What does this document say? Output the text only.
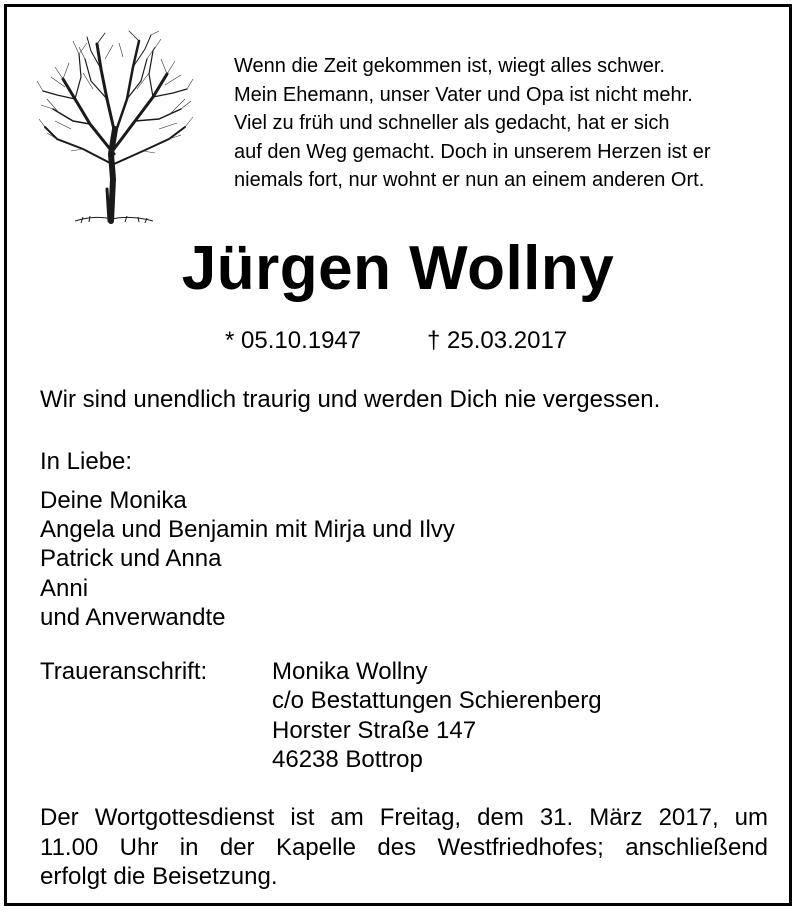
Wenn die Zeit gekommen ist, wiegt alles schwer.
Mein Ehemann, unser Vater und Opa ist nicht mehr.
Viel zu früh und schneller als gedacht, hat er sich
auf den Weg gemacht. Doch in unserem Herzen ist er
niemals fort, nur wohnt er nun an einem anderen Ort.
Jürgen Wollny
* 05.10.1947	† 25.03.2017
Wir sind unendlich traurig und werden Dich nie vergessen.
In Liebe:
Deine Monika
Angela und Benjamin mit Mirja und Ilvy
Patrick und Anna
Anni
und Anverwandte
Traueranschrift:	Monika Wollny
c/o Bestattungen Schierenberg
Horster Straße 147
46238 Bottrop
Der Wortgottesdienst ist am Freitag, dem 31. März 2017, um
11.00 Uhr in der Kapelle des Westfriedhofes; anschließend
erfolgt die Beisetzung.
